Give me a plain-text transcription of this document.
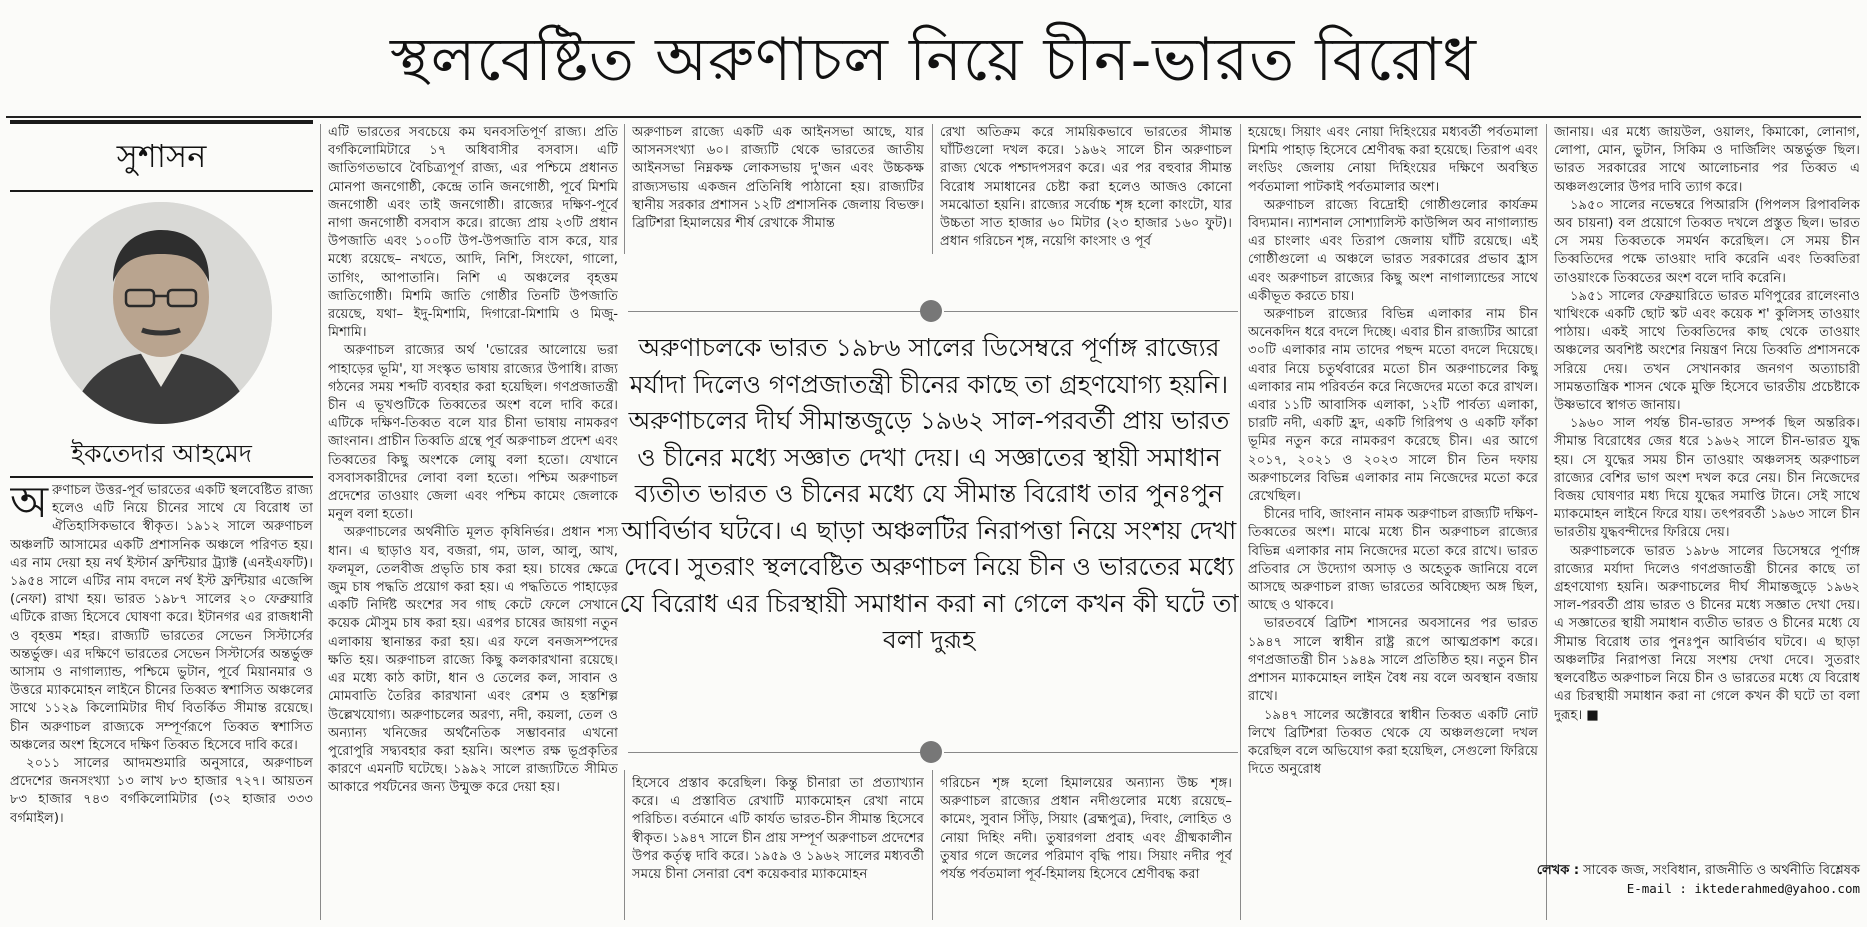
স্থলবেষ্টিত অরুণাচল নিয়ে চীন-ভারত বিরোধ
সুশাসন
ইকতেদার আহমেদ

অরুণাচল উত্তর-পূর্ব ভারতের একটি স্থলবেষ্টিত রাজ্য হলেও এটি নিয়ে চীনের সাথে যে বিরোধ তা ঐতিহাসিকভাবে স্বীকৃত। ১৯১২ সালে অরুণাচল অঞ্চলটি আসামের একটি প্রশাসনিক অঞ্চলে পরিণত হয়। এর নাম দেয়া হয় নর্থ ইস্টার্ন ফ্রন্টিয়ার ট্র্যাক্ট (এনইএফটি)। ১৯৫৪ সালে এটির নাম বদলে নর্থ ইস্ট ফ্রন্টিয়ার এজেন্সি (নেফা) রাখা হয়। ভারত ১৯৮৭ সালের ২০ ফেব্রুয়ারি এটিকে রাজ্য হিসেবে ঘোষণা করে। ইটানগর এর রাজধানী ও বৃহত্তম শহর। রাজ্যটি ভারতের সেভেন সিস্টার্সের অন্তর্ভুক্ত। এর দক্ষিণে ভারতের সেভেন সিস্টার্সের অন্তর্ভুক্ত আসাম ও নাগাল্যান্ড, পশ্চিমে ভুটান, পূর্বে মিয়ানমার ও উত্তরে ম্যাকমোহন লাইনে চীনের তিব্বত স্বশাসিত অঞ্চলের সাথে ১১২৯ কিলোমিটার দীর্ঘ বিতর্কিত সীমান্ত রয়েছে। চীন অরুণাচল রাজ্যকে সম্পূর্ণরূপে তিব্বত স্বশাসিত অঞ্চলের অংশ হিসেবে দক্ষিণ তিব্বত হিসেবে দাবি করে।

২০১১ সালের আদমশুমারি অনুসারে, অরুণাচল প্রদেশের জনসংখ্যা ১৩ লাখ ৮৩ হাজার ৭২৭। আয়তন ৮৩ হাজার ৭৪৩ বর্গকিলোমিটার (৩২ হাজার ৩৩৩ বর্গমাইল)।

এটি ভারতের সবচেয়ে কম ঘনবসতিপূর্ণ রাজ্য। প্রতি বর্গকিলোমিটারে ১৭ অধিবাসীর বসবাস। এটি জাতিগতভাবে বৈচিত্র্যপূর্ণ রাজ্য, এর পশ্চিমে প্রধানত মোনপা জনগোষ্ঠী, কেন্দ্রে তানি জনগোষ্ঠী, পূর্বে মিশমি জনগোষ্ঠী এবং তাই জনগোষ্ঠী। রাজ্যের দক্ষিণ-পূর্বে নাগা জনগোষ্ঠী বসবাস করে। রাজ্যে প্রায় ২৩টি প্রধান উপজাতি এবং ১০০টি উপ-উপজাতি বাস করে, যার মধ্যে রয়েছে– নখতে, আদি, নিশি, সিংফো, গালো, তাগিং, আপাতানি। নিশি এ অঞ্চলের বৃহত্তম জাতিগোষ্ঠী। মিশমি জাতি গোষ্ঠীর তিনটি উপজাতি রয়েছে, যথা– ইদু-মিশামি, দিগারো-মিশামি ও মিজু-মিশামি।

অরুণাচল রাজ্যের অর্থ 'ভোরের আলোয়ে ভরা পাহাড়ের ভূমি', যা সংস্কৃত ভাষায় রাজ্যের উপাধি। রাজ্য গঠনের সময় শব্দটি ব্যবহার করা হয়েছিল। গণপ্রজাতন্ত্রী চীন এ ভূখণ্ডটিকে তিব্বতের অংশ বলে দাবি করে। এটিকে দক্ষিণ-তিব্বত বলে যার চীনা ভাষায় নামকরণ জাংনান। প্রাচীন তিব্বতি গ্রন্থে পূর্ব অরুণাচল প্রদেশ এবং তিব্বতের কিছু অংশকে লোয়ু বলা হতো। যেখানে বসবাসকারীদের লোবা বলা হতো। পশ্চিম অরুণাচল প্রদেশের তাওয়াং জেলা এবং পশ্চিম কামেং জেলাকে মনুল বলা হতো।

অরুণাচলের অর্থনীতি মূলত কৃষিনির্ভর। প্রধান শস্য ধান। এ ছাড়াও যব, বজরা, গম, ডাল, আলু, আখ, ফলমূল, তেলবীজ প্রভৃতি চাষ করা হয়। চাষের ক্ষেত্রে জুম চাষ পদ্ধতি প্রয়োগ করা হয়। এ পদ্ধতিতে পাহাড়ের একটি নির্দিষ্ট অংশের সব গাছ কেটে ফেলে সেখানে কয়েক মৌসুম চাষ করা হয়। এরপর চাষের জায়গা নতুন এলাকায় স্থানান্তর করা হয়। এর ফলে বনজসম্পদের ক্ষতি হয়। অরুণাচল রাজ্যে কিছু কলকারখানা রয়েছে। এর মধ্যে কাঠ কাটা, ধান ও তেলের কল, সাবান ও মোমবাতি তৈরির কারখানা এবং রেশম ও হস্তশিল্প উল্লেখযোগ্য। অরুণাচলের অরণ্য, নদী, কয়লা, তেল ও অন্যান্য খনিজের অর্থনৈতিক সম্ভাবনার এখনো পুরোপুরি সদ্ব্যবহার করা হয়নি। অংশত রক্ষ ভূপ্রকৃতির কারণে এমনটি ঘটেছে। ১৯৯২ সালে রাজ্যটিতে সীমিত আকারে পর্যটনের জন্য উন্মুক্ত করে দেয়া হয়।

অরুণাচল রাজ্যে একটি এক আইনসভা আছে, যার আসনসংখ্যা ৬০। রাজ্যটি থেকে ভারতের জাতীয় আইনসভা নিম্নকক্ষ লোকসভায় দু'জন এবং উচ্চকক্ষ রাজ্যসভায় একজন প্রতিনিধি পাঠানো হয়। রাজ্যটির স্থানীয় সরকার প্রশাসন ১২টি প্রশাসনিক জেলায় বিভক্ত। ব্রিটিশরা হিমালয়ের শীর্ষ রেখাকে সীমান্ত

রেখা অতিক্রম করে সাময়িকভাবে ভারতের সীমান্ত ঘাঁটিগুলো দখল করে। ১৯৬২ সালে চীন অরুণাচল রাজ্য থেকে পশ্চাদপসরণ করে। এর পর বহুবার সীমান্ত বিরোধ সমাধানের চেষ্টা করা হলেও আজও কোনো সমঝোতা হয়নি। রাজ্যের সর্বোচ্চ শৃঙ্গ হলো কাংটো, যার উচ্চতা সাত হাজার ৬০ মিটার (২৩ হাজার ১৬০ ফুট)। প্রধান গরিচেন শৃঙ্গ, নয়েগি কাংসাং ও পূর্ব

অরুণাচলকে ভারত ১৯৮৬ সালের ডিসেম্বরে পূর্ণাঙ্গ রাজ্যের মর্যাদা দিলেও গণপ্রজাতন্ত্রী চীনের কাছে তা গ্রহণযোগ্য হয়নি। অরুণাচলের দীর্ঘ সীমান্তজুড়ে ১৯৬২ সাল-পরবর্তী প্রায় ভারত ও চীনের মধ্যে সজ্ঞাত দেখা দেয়। এ সজ্ঞাতের স্থায়ী সমাধান ব্যতীত ভারত ও চীনের মধ্যে যে সীমান্ত বিরোধ তার পুনঃপুন আবির্ভাব ঘটবে। এ ছাড়া অঞ্চলটির নিরাপত্তা নিয়ে সংশয় দেখা দেবে। সুতরাং স্থলবেষ্টিত অরুণাচল নিয়ে চীন ও ভারতের মধ্যে যে বিরোধ এর চিরস্থায়ী সমাধান করা না গেলে কখন কী ঘটে তা বলা দুরূহ

হিসেবে প্রস্তাব করেছিল। কিন্তু চীনারা তা প্রত্যাখ্যান করে। এ প্রস্তাবিত রেখাটি ম্যাকমোহন রেখা নামে পরিচিত। বর্তমানে এটি কার্যত ভারত-চীন সীমান্ত হিসেবে স্বীকৃত। ১৯৪৭ সালে চীন প্রায় সম্পূর্ণ অরুণাচল প্রদেশের উপর কর্তৃত্ব দাবি করে। ১৯৫৯ ও ১৯৬২ সালের মধ্যবর্তী সময়ে চীনা সেনারা বেশ কয়েকবার ম্যাকমোহন

গরিচেন শৃঙ্গ হলো হিমালয়ের অন্যান্য উচ্চ শৃঙ্গ। অরুণাচল রাজ্যের প্রধান নদীগুলোর মধ্যে রয়েছে– কামেং, সুবান সিঁড়ি, সিয়াং (ব্রহ্মপুত্র), দিবাং, লোহিত ও নোয়া দিহিং নদী। তুষারগলা প্রবাহ এবং গ্রীষ্মকালীন তুষার গলে জলের পরিমাণ বৃদ্ধি পায়। সিয়াং নদীর পূর্ব পর্যন্ত পর্বতমালা পূর্ব-হিমালয় হিসেবে শ্রেণীবদ্ধ করা

হয়েছে। সিয়াং এবং নোয়া দিহিংয়ের মধ্যবর্তী পর্বতমালা মিশমি পাহাড় হিসেবে শ্রেণীবদ্ধ করা হয়েছে। তিরাপ এবং লংডিং জেলায় নোয়া দিহিংয়ের দক্ষিণে অবস্থিত পর্বতমালা পাটকাই পর্বতমালার অংশ।

অরুণাচল রাজ্যে বিদ্রোহী গোষ্ঠীগুলোর কার্যক্রম বিদ্যমান। ন্যাশনাল সোশ্যালিস্ট কাউন্সিল অব নাগাল্যান্ড এর চাংলাং এবং তিরাপ জেলায় ঘাঁটি রয়েছে। এই গোষ্ঠীগুলো এ অঞ্চলে ভারত সরকারের প্রভাব হ্রাস এবং অরুণাচল রাজ্যের কিছু অংশ নাগাল্যান্ডের সাথে একীভূত করতে চায়।

অরুণাচল রাজ্যের বিভিন্ন এলাকার নাম চীন অনেকদিন ধরে বদলে দিচ্ছে। এবার চীন রাজ্যটির আরো ৩০টি এলাকার নাম তাদের পছন্দ মতো বদলে দিয়েছে। এবার নিয়ে চতুর্থবারের মতো চীন অরুণাচলের কিছু এলাকার নাম পরিবর্তন করে নিজেদের মতো করে রাখল। এবার ১১টি আবাসিক এলাকা, ১২টি পার্বত্য এলাকা, চারটি নদী, একটি হ্রদ, একটি গিরিপথ ও একটি ফাঁকা ভূমির নতুন করে নামকরণ করেছে চীন। এর আগে ২০১৭, ২০২১ ও ২০২৩ সালে চীন তিন দফায় অরুণাচলের বিভিন্ন এলাকার নাম নিজেদের মতো করে রেখেছিল।

চীনের দাবি, জাংনান নামক অরুণাচল রাজ্যটি দক্ষিণ-তিব্বতের অংশ। মাঝে মধ্যে চীন অরুণাচল রাজ্যের বিভিন্ন এলাকার নাম নিজেদের মতো করে রাখে। ভারত প্রতিবার সে উদ্যোগ অসাড় ও অহেতুক জানিয়ে বলে আসছে অরুণাচল রাজ্য ভারতের অবিচ্ছেদ্য অঙ্গ ছিল, আছে ও থাকবে।

ভারতবর্ষে ব্রিটিশ শাসনের অবসানের পর ভারত ১৯৪৭ সালে স্বাধীন রাষ্ট্র রূপে আত্মপ্রকাশ করে। গণপ্রজাতন্ত্রী চীন ১৯৪৯ সালে প্রতিষ্ঠিত হয়। নতুন চীন প্রশাসন ম্যাকমোহন লাইন বৈধ নয় বলে অবস্থান বজায় রাখে।

১৯৪৭ সালের অক্টোবরে স্বাধীন তিব্বত একটি নোট লিখে ব্রিটিশরা তিব্বত থেকে যে অঞ্চলগুলো দখল করেছিল বলে অভিযোগ করা হয়েছিল, সেগুলো ফিরিয়ে দিতে অনুরোধ

জানায়। এর মধ্যে জায়উল, ওয়ালং, কিমাকো, লোনাগ, লোপা, মোন, ভুটান, সিকিম ও দার্জিলিং অন্তর্ভুক্ত ছিল। ভারত সরকারের সাথে আলোচনার পর তিব্বত এ অঞ্চলগুলোর উপর দাবি ত্যাগ করে।

১৯৫০ সালের নভেম্বরে পিআরসি (পিপলস রিপাবলিক অব চায়না) বল প্রয়োগে তিব্বত দখলে প্রস্তুত ছিল। ভারত সে সময় তিব্বতকে সমর্থন করেছিল। সে সময় চীন তিব্বতিদের পক্ষে তাওয়াং দাবি করেনি এবং তিব্বতিরা তাওয়াংকে তিব্বতের অংশ বলে দাবি করেনি।

১৯৫১ সালের ফেব্রুয়ারিতে ভারত মণিপুরের রালেংনাও খাথিংকে একটি ছোট স্কট এবং কয়েক শ' কুলিসহ তাওয়াং পাঠায়। একই সাথে তিব্বতিদের কাছ থেকে তাওয়াং অঞ্চলের অবশিষ্ট অংশের নিয়ন্ত্রণ নিয়ে তিব্বতি প্রশাসনকে সরিয়ে দেয়। তখন সেখানকার জনগণ অত্যাচারী সামন্ততান্ত্রিক শাসন থেকে মুক্তি হিসেবে ভারতীয় প্রচেষ্টাকে উষ্ণভাবে স্বাগত জানায়।

১৯৬০ সাল পর্যন্ত চীন-ভারত সম্পর্ক ছিল অন্তরিক। সীমান্ত বিরোধের জের ধরে ১৯৬২ সালে চীন-ভারত যুদ্ধ হয়। সে যুদ্ধের সময় চীন তাওয়াং অঞ্চলসহ অরুণাচল রাজ্যের বেশির ভাগ অংশ দখল করে নেয়। চীন নিজেদের বিজয় ঘোষণার মধ্য দিয়ে যুদ্ধের সমাপ্তি টানে। সেই সাথে ম্যাকমোহন লাইনে ফিরে যায়। তৎপরবর্তী ১৯৬৩ সালে চীন ভারতীয় যুদ্ধবন্দীদের ফিরিয়ে দেয়।

অরুণাচলকে ভারত ১৯৮৬ সালের ডিসেম্বরে পূর্ণাঙ্গ রাজ্যের মর্যাদা দিলেও গণপ্রজাতন্ত্রী চীনের কাছে তা গ্রহণযোগ্য হয়নি। অরুণাচলের দীর্ঘ সীমান্তজুড়ে ১৯৬২ সাল-পরবর্তী প্রায় ভারত ও চীনের মধ্যে সজ্ঞাত দেখা দেয়। এ সজ্ঞাতের স্থায়ী সমাধান ব্যতীত ভারত ও চীনের মধ্যে যে সীমান্ত বিরোধ তার পুনঃপুন আবির্ভাব ঘটবে। এ ছাড়া অঞ্চলটির নিরাপত্তা নিয়ে সংশয় দেখা দেবে। সুতরাং স্থলবেষ্টিত অরুণাচল নিয়ে চীন ও ভারতের মধ্যে যে বিরোধ এর চিরস্থায়ী সমাধান করা না গেলে কখন কী ঘটে তা বলা দুরূহ। ■

লেখক : সাবেক জজ, সংবিধান, রাজনীতি ও অর্থনীতি বিশ্লেষক
E-mail : iktederahmed@yahoo.com
